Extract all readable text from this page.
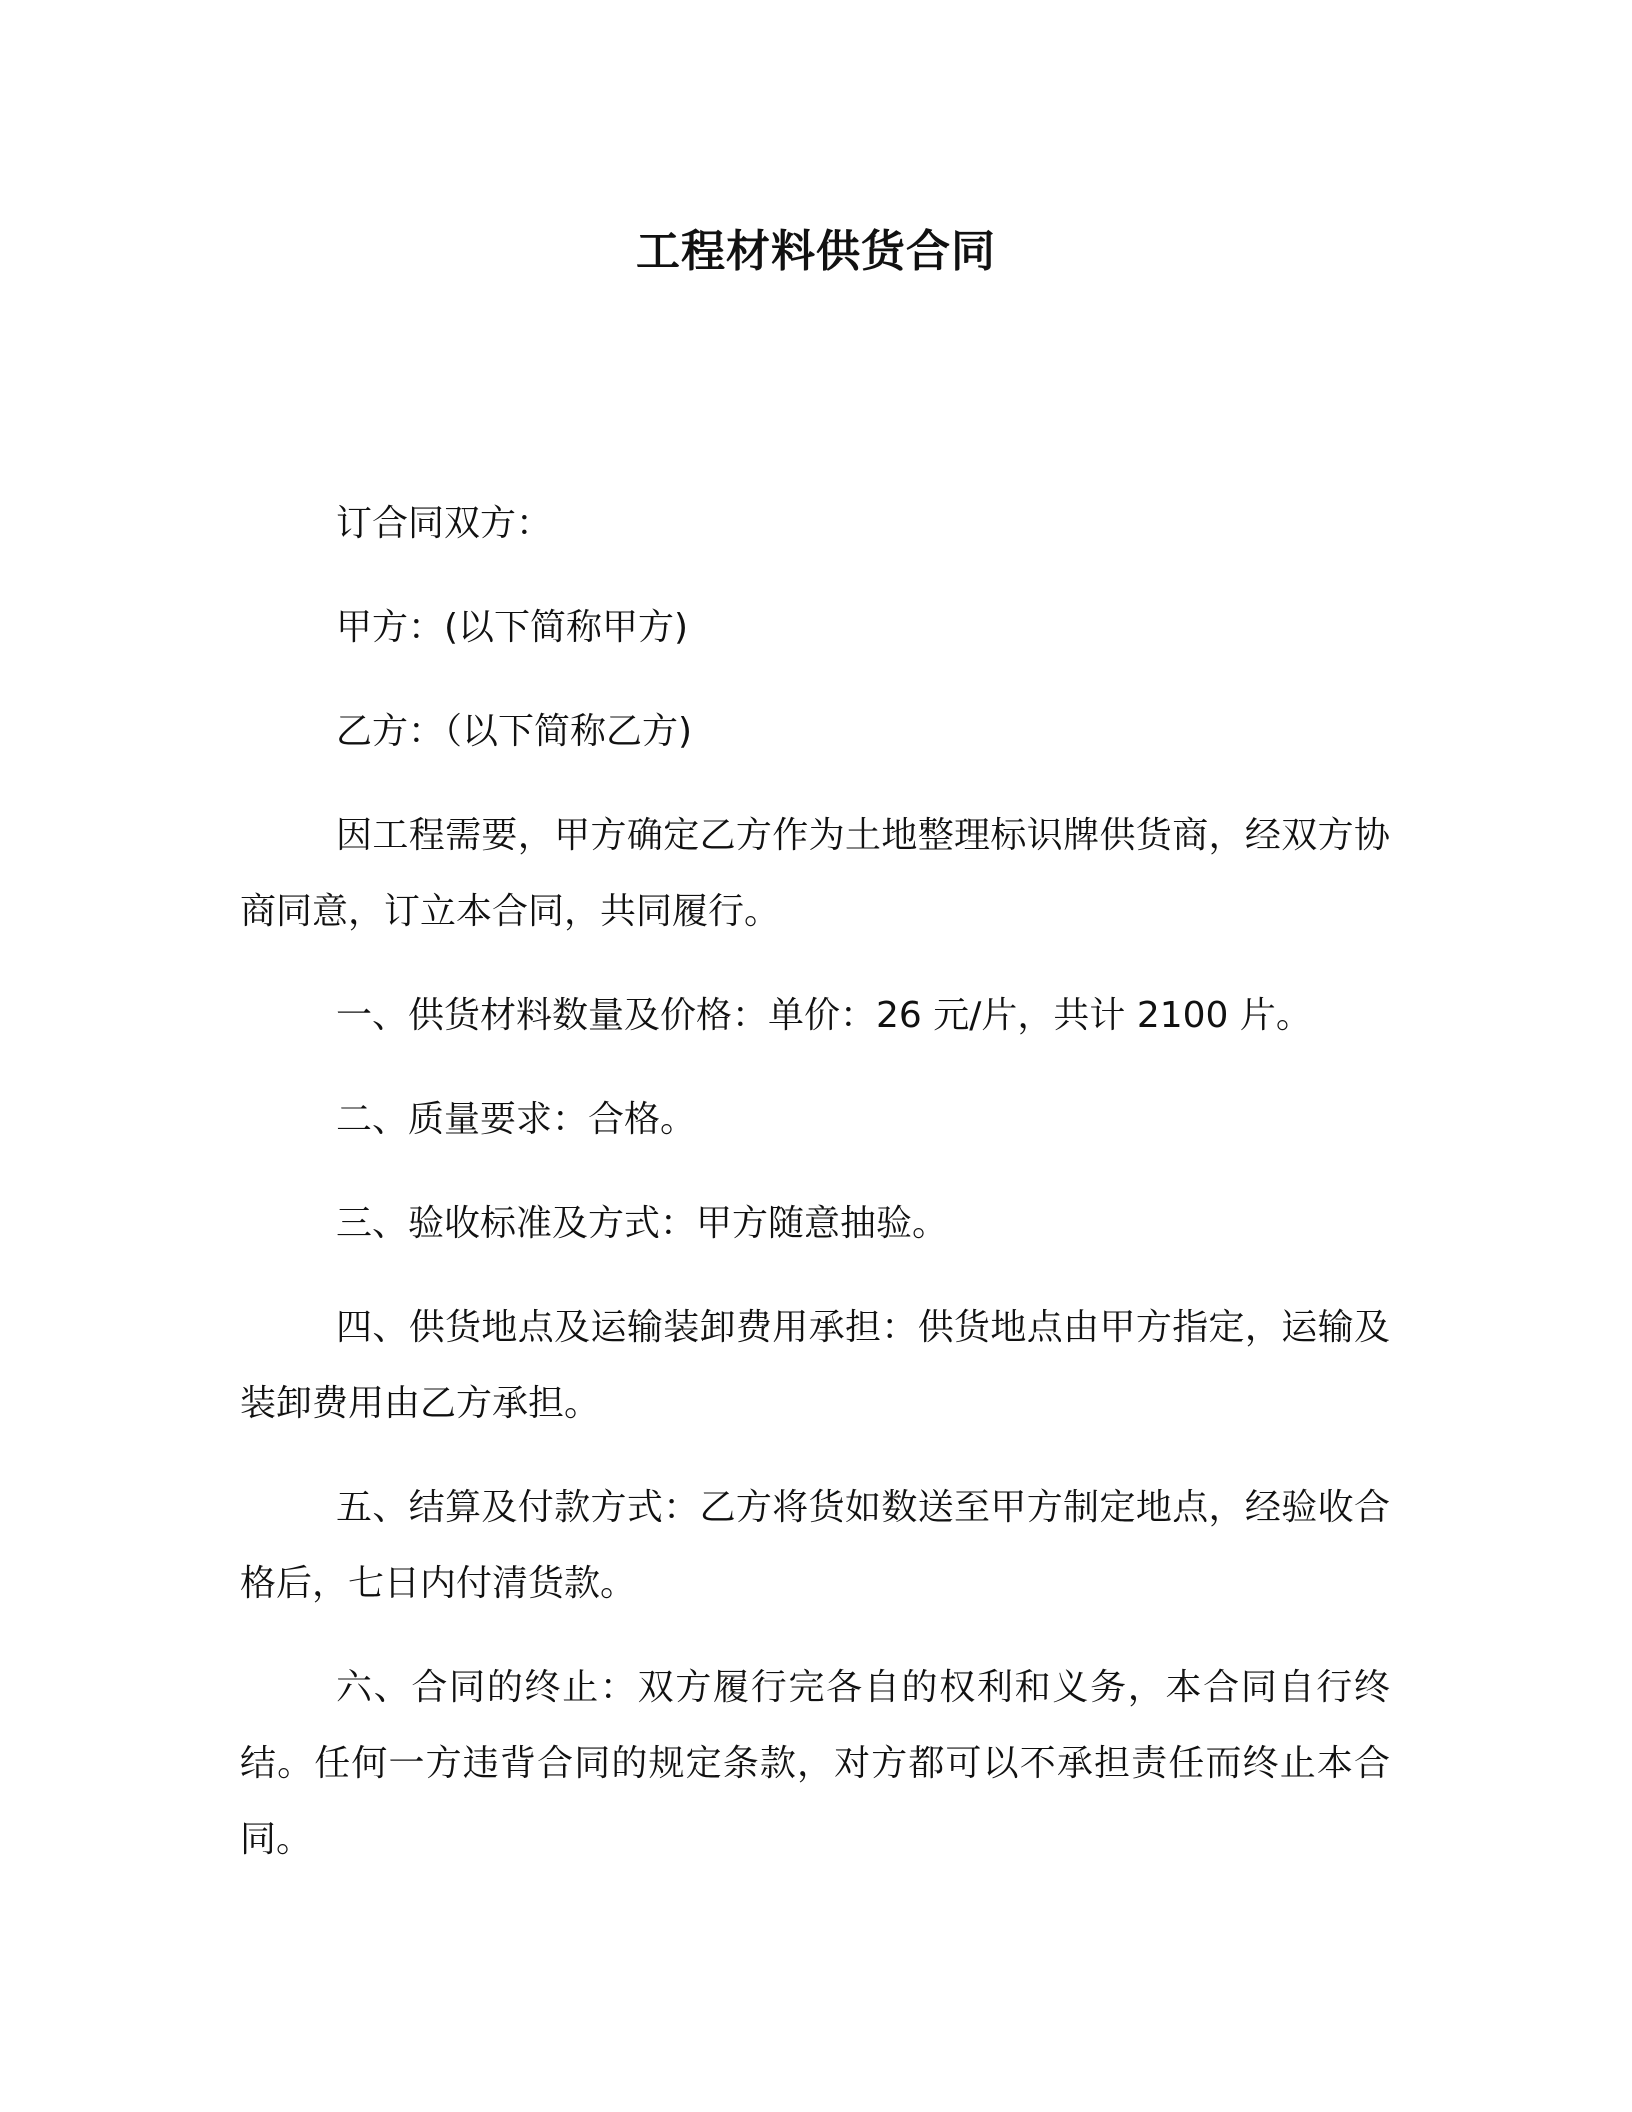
工程材料供货合同

订合同双方：

甲方：(以下简称甲方)

乙方：（以下简称乙方)

因工程需要，甲方确定乙方作为土地整理标识牌供货商，经双方协商同意，订立本合同，共同履行。

一、供货材料数量及价格：单价：26 元/片，共计 2100 片。

二、质量要求：合格。

三、验收标准及方式：甲方随意抽验。

四、供货地点及运输装卸费用承担：供货地点由甲方指定，运输及装卸费用由乙方承担。

五、结算及付款方式：乙方将货如数送至甲方制定地点，经验收合格后，七日内付清货款。

六、合同的终止：双方履行完各自的权利和义务，本合同自行终结。任何一方违背合同的规定条款，对方都可以不承担责任而终止本合同。
